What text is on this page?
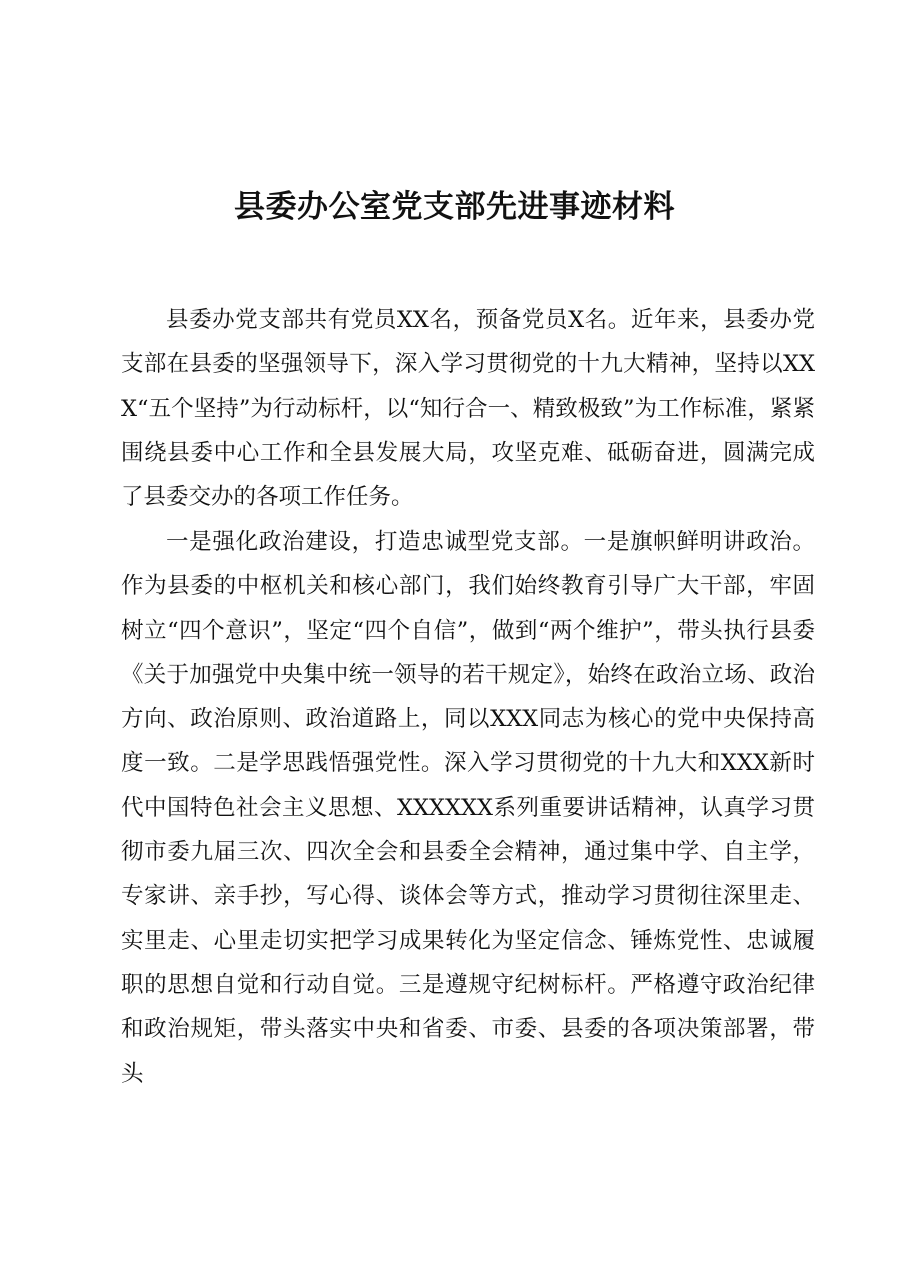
县委办公室党支部先进事迹材料

县委办党支部共有党员XX名，预备党员X名。近年来，县委办党支部在县委的坚强领导下，深入学习贯彻党的十九大精神，坚持以XXX“五个坚持”为行动标杆，以“知行合一、精致极致”为工作标准，紧紧围绕县委中心工作和全县发展大局，攻坚克难、砥砺奋进，圆满完成了县委交办的各项工作任务。

一是强化政治建设，打造忠诚型党支部。一是旗帜鲜明讲政治。作为县委的中枢机关和核心部门，我们始终教育引导广大干部，牢固树立“四个意识”，坚定“四个自信”，做到“两个维护”，带头执行县委《关于加强党中央集中统一领导的若干规定》，始终在政治立场、政治方向、政治原则、政治道路上，同以XXX同志为核心的党中央保持高度一致。二是学思践悟强党性。深入学习贯彻党的十九大和XXX新时代中国特色社会主义思想、XXXXXX系列重要讲话精神，认真学习贯彻市委九届三次、四次全会和县委全会精神，通过集中学、自主学，专家讲、亲手抄，写心得、谈体会等方式，推动学习贯彻往深里走、实里走、心里走切实把学习成果转化为坚定信念、锤炼党性、忠诚履职的思想自觉和行动自觉。三是遵规守纪树标杆。严格遵守政治纪律和政治规矩，带头落实中央和省委、市委、县委的各项决策部署，带头
